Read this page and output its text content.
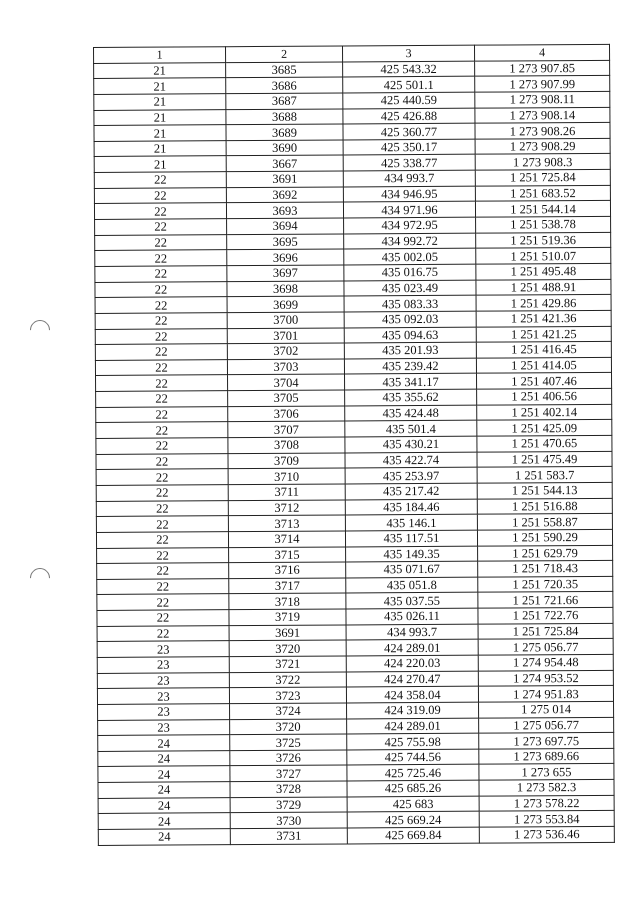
1	2	3	4
21	3685	425 543.32	1 273 907.85
21	3686	425 501.1	1 273 907.99
21	3687	425 440.59	1 273 908.11
21	3688	425 426.88	1 273 908.14
21	3689	425 360.77	1 273 908.26
21	3690	425 350.17	1 273 908.29
21	3667	425 338.77	1 273 908.3
22	3691	434 993.7	1 251 725.84
22	3692	434 946.95	1 251 683.52
22	3693	434 971.96	1 251 544.14
22	3694	434 972.95	1 251 538.78
22	3695	434 992.72	1 251 519.36
22	3696	435 002.05	1 251 510.07
22	3697	435 016.75	1 251 495.48
22	3698	435 023.49	1 251 488.91
22	3699	435 083.33	1 251 429.86
22	3700	435 092.03	1 251 421.36
22	3701	435 094.63	1 251 421.25
22	3702	435 201.93	1 251 416.45
22	3703	435 239.42	1 251 414.05
22	3704	435 341.17	1 251 407.46
22	3705	435 355.62	1 251 406.56
22	3706	435 424.48	1 251 402.14
22	3707	435 501.4	1 251 425.09
22	3708	435 430.21	1 251 470.65
22	3709	435 422.74	1 251 475.49
22	3710	435 253.97	1 251 583.7
22	3711	435 217.42	1 251 544.13
22	3712	435 184.46	1 251 516.88
22	3713	435 146.1	1 251 558.87
22	3714	435 117.51	1 251 590.29
22	3715	435 149.35	1 251 629.79
22	3716	435 071.67	1 251 718.43
22	3717	435 051.8	1 251 720.35
22	3718	435 037.55	1 251 721.66
22	3719	435 026.11	1 251 722.76
22	3691	434 993.7	1 251 725.84
23	3720	424 289.01	1 275 056.77
23	3721	424 220.03	1 274 954.48
23	3722	424 270.47	1 274 953.52
23	3723	424 358.04	1 274 951.83
23	3724	424 319.09	1 275 014
23	3720	424 289.01	1 275 056.77
24	3725	425 755.98	1 273 697.75
24	3726	425 744.56	1 273 689.66
24	3727	425 725.46	1 273 655
24	3728	425 685.26	1 273 582.3
24	3729	425 683	1 273 578.22
24	3730	425 669.24	1 273 553.84
24	3731	425 669.84	1 273 536.46
